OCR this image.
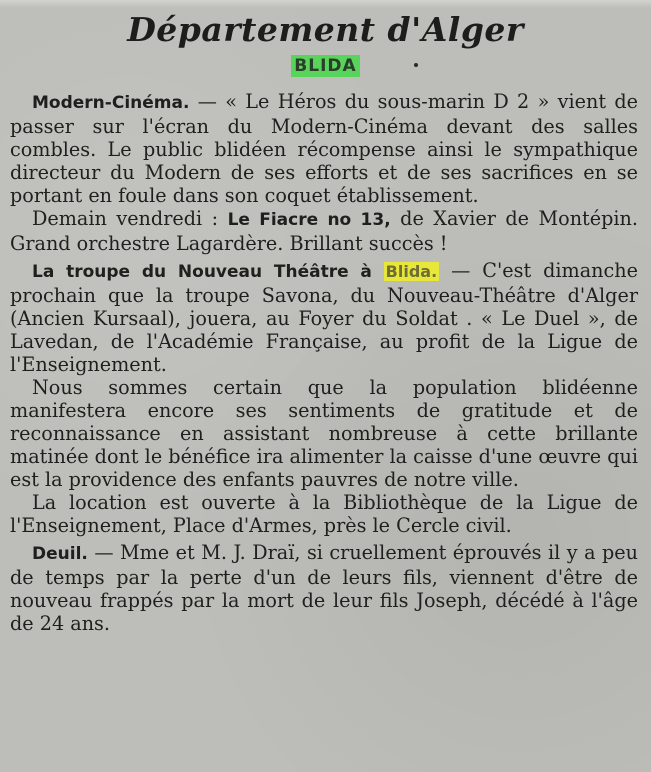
Département d'Alger
BLIDA

Modern-Cinéma. — « Le Héros du sous-marin D 2 » vient de passer sur l'écran du Modern-Cinéma devant des salles combles. Le public blidéen récompense ainsi le sympathique directeur du Modern de ses efforts et de ses sacrifices en se portant en foule dans son coquet établissement.

Demain vendredi : Le Fiacre no 13, de Xavier de Montépin. Grand orchestre Lagardère. Brillant succès !

La troupe du Nouveau Théâtre à Blida. — C'est dimanche prochain que la troupe Savona, du Nouveau-Théâtre d'Alger (Ancien Kursaal), jouera, au Foyer du Soldat . « Le Duel », de Lavedan, de l'Académie Française, au profit de la Ligue de l'Enseignement.

Nous sommes certain que la population blidéenne manifestera encore ses sentiments de gratitude et de reconnaissance en assistant nombreuse à cette brillante matinée dont le bénéfice ira alimenter la caisse d'une œuvre qui est la providence des enfants pauvres de notre ville.

La location est ouverte à la Bibliothèque de la Ligue de l'Enseignement, Place d'Armes, près le Cercle civil.

Deuil. — Mme et M. J. Draï, si cruellement éprouvés il y a peu de temps par la perte d'un de leurs fils, viennent d'être de nouveau frappés par la mort de leur fils Joseph, décédé à l'âge de 24 ans.
